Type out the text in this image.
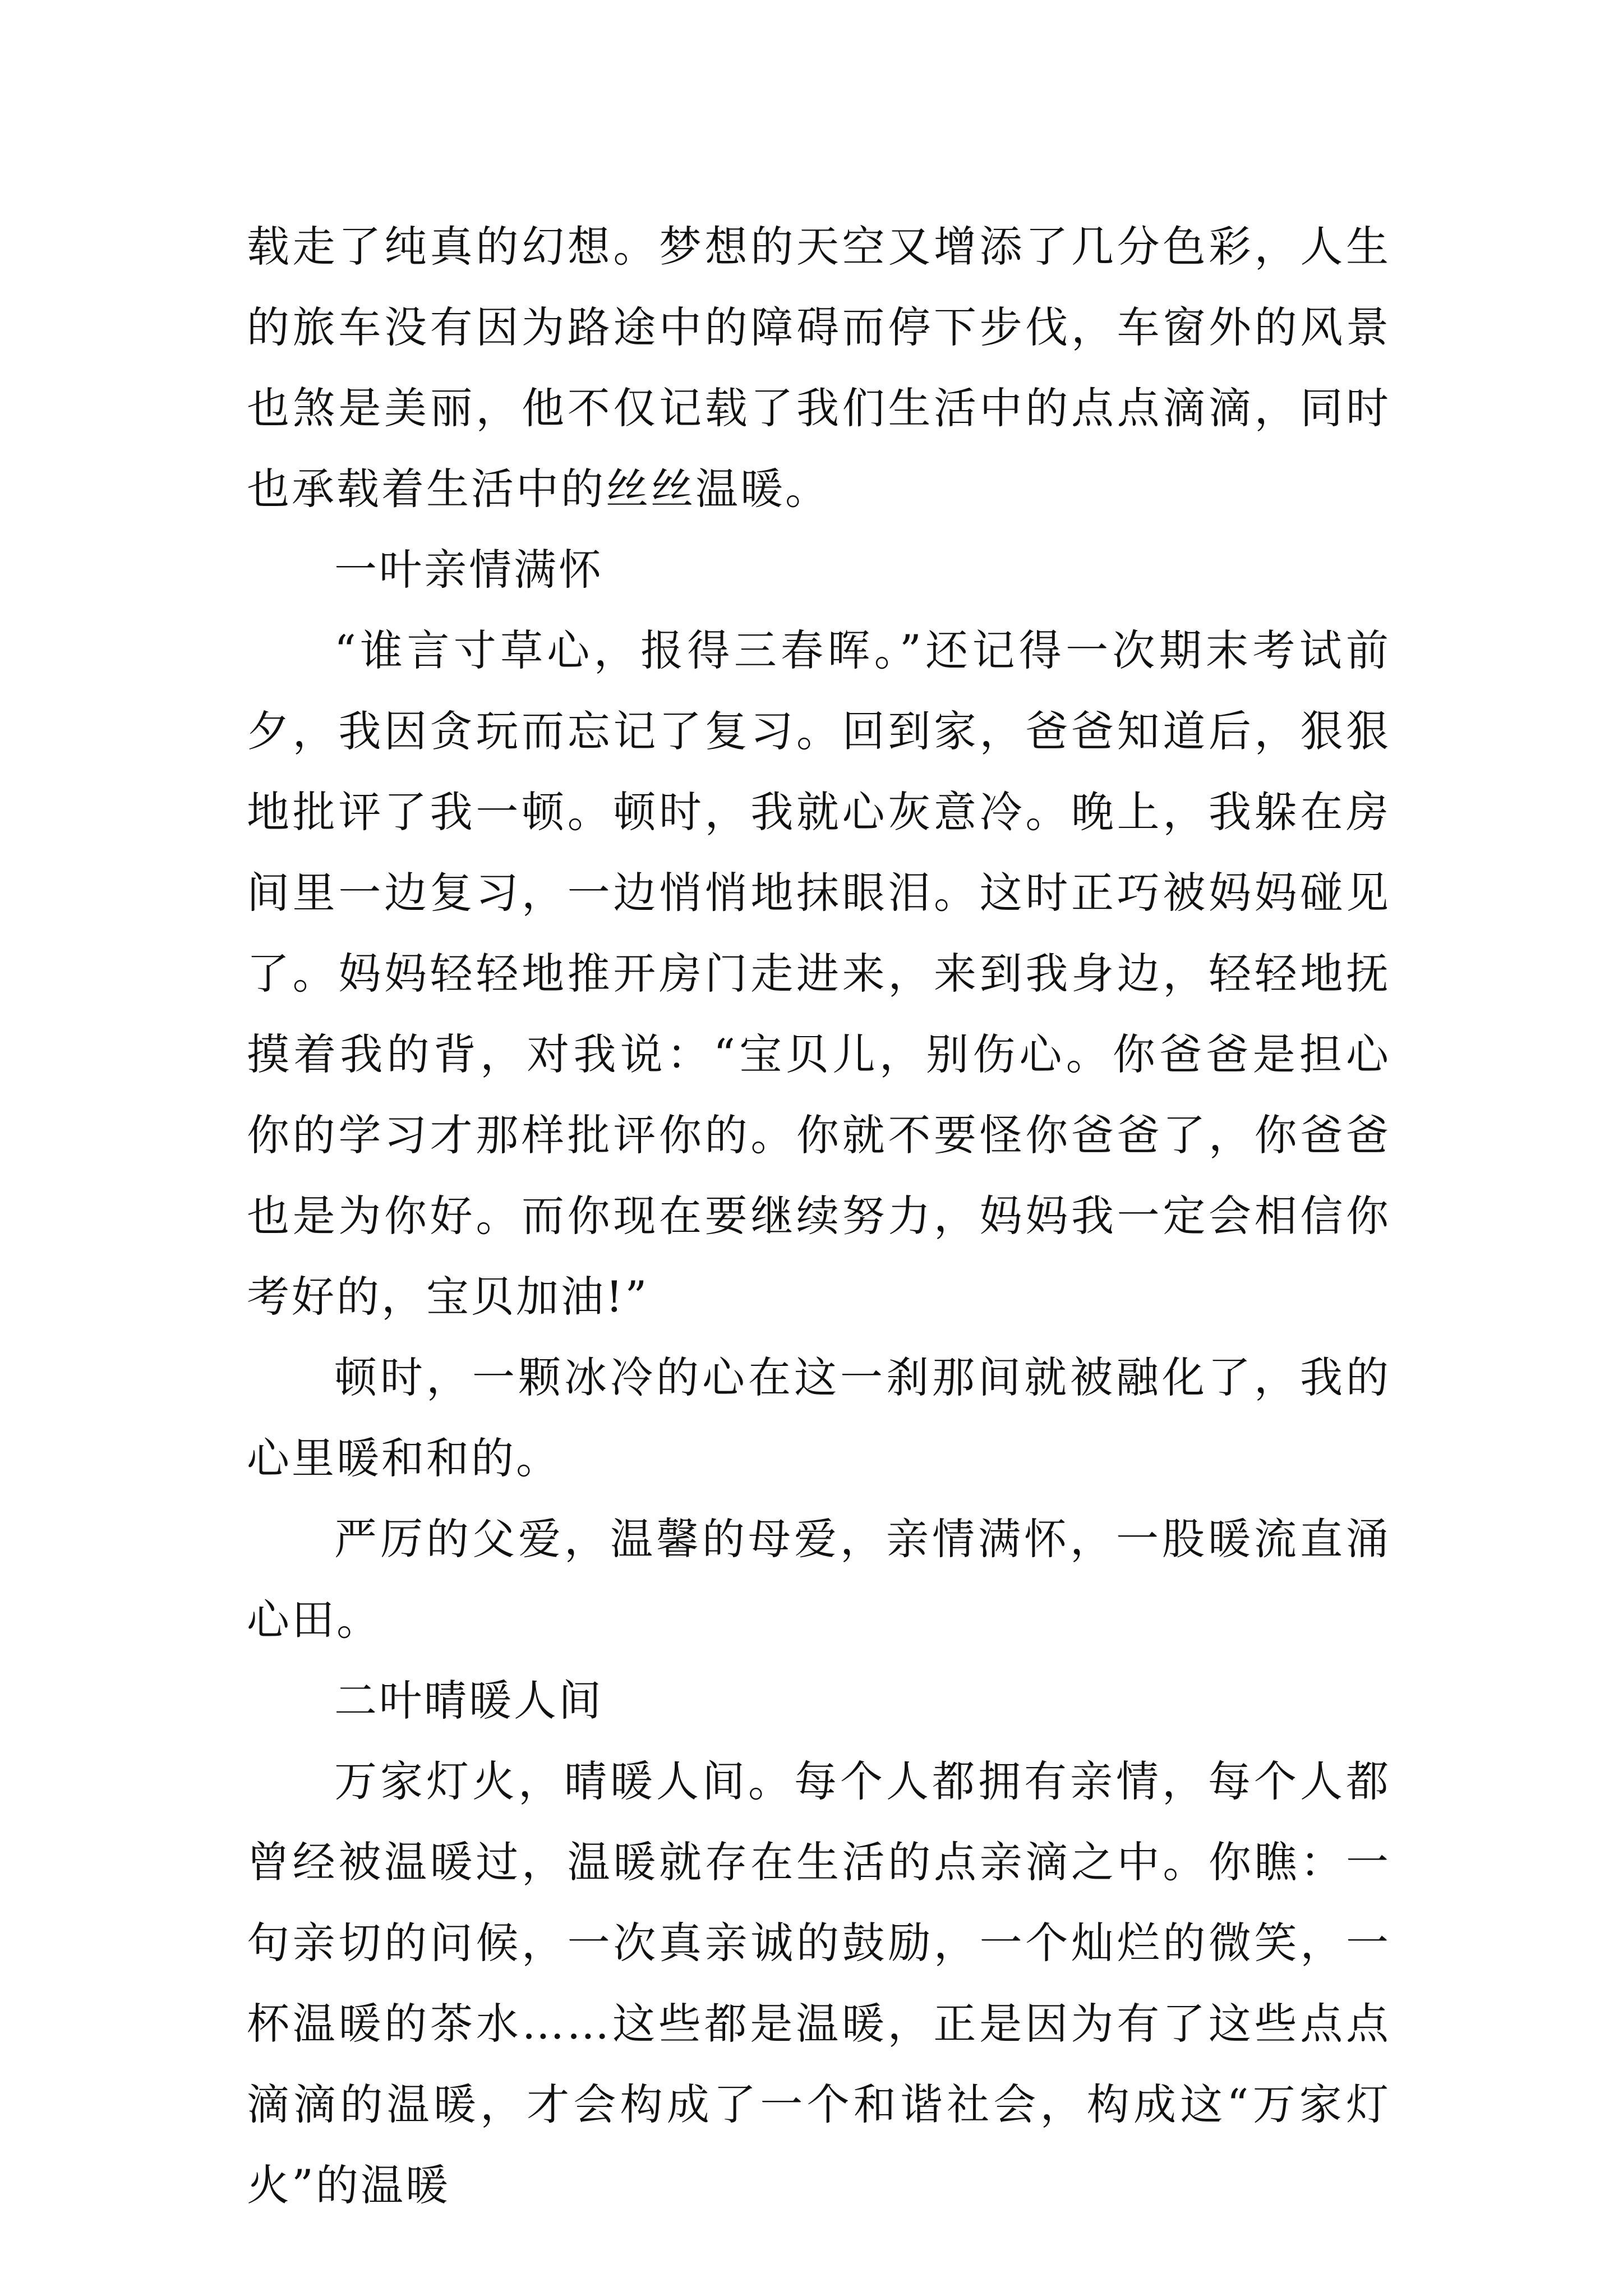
载走了纯真的幻想。梦想的天空又增添了几分色彩，人生的旅车没有因为路途中的障碍而停下步伐，车窗外的风景也煞是美丽，他不仅记载了我们生活中的点点滴滴，同时也承载着生活中的丝丝温暖。

一叶亲情满怀

“谁言寸草心，报得三春晖。”还记得一次期末考试前夕，我因贪玩而忘记了复习。回到家，爸爸知道后，狠狠地批评了我一顿。顿时，我就心灰意冷。晚上，我躲在房间里一边复习，一边悄悄地抹眼泪。这时正巧被妈妈碰见了。妈妈轻轻地推开房门走进来，来到我身边，轻轻地抚摸着我的背，对我说：“宝贝儿，别伤心。你爸爸是担心你的学习才那样批评你的。你就不要怪你爸爸了，你爸爸也是为你好。而你现在要继续努力，妈妈我一定会相信你考好的，宝贝加油!”

顿时，一颗冰冷的心在这一刹那间就被融化了，我的心里暖和和的。

严厉的父爱，温馨的母爱，亲情满怀，一股暖流直涌心田。

二叶晴暖人间

万家灯火，晴暖人间。每个人都拥有亲情，每个人都曾经被温暖过，温暖就存在生活的点亲滴之中。你瞧：一句亲切的问候，一次真亲诚的鼓励，一个灿烂的微笑，一杯温暖的茶水……这些都是温暖，正是因为有了这些点点滴滴的温暖，才会构成了一个和谐社会，构成这“万家灯火”的温暖
